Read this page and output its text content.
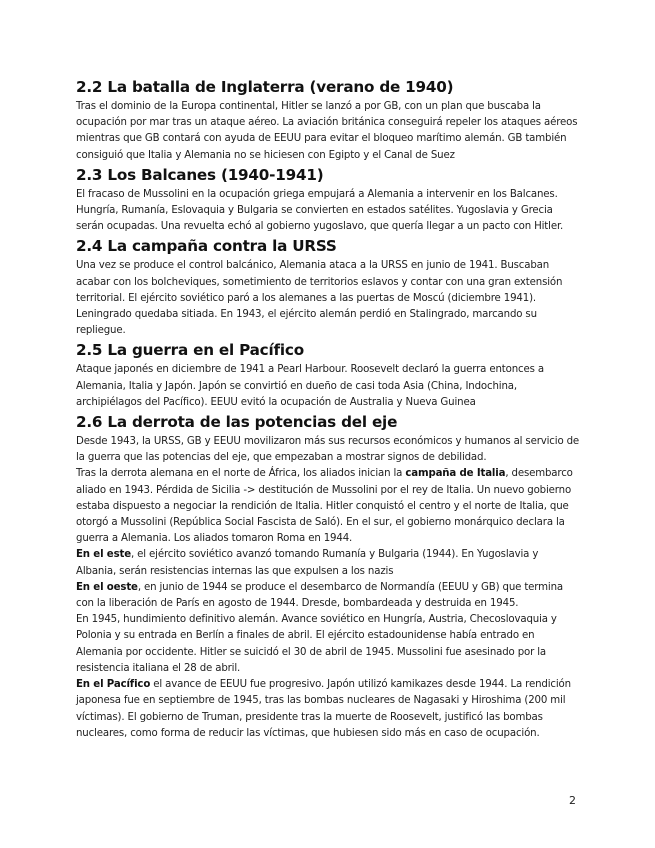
2.2 La batalla de Inglaterra (verano de 1940)

Tras el dominio de la Europa continental, Hitler se lanzó a por GB, con un plan que buscaba la ocupación por mar tras un ataque aéreo. La aviación británica conseguirá repeler los ataques aéreos mientras que GB contará con ayuda de EEUU para evitar el bloqueo marítimo alemán. GB también consiguió que Italia y Alemania no se hiciesen con Egipto y el Canal de Suez

2.3 Los Balcanes (1940-1941)

El fracaso de Mussolini en la ocupación griega empujará a Alemania a intervenir en los Balcanes. Hungría, Rumanía, Eslovaquia y Bulgaria se convierten en estados satélites. Yugoslavia y Grecia serán ocupadas. Una revuelta echó al gobierno yugoslavo, que quería llegar a un pacto con Hitler.

2.4 La campaña contra la URSS

Una vez se produce el control balcánico, Alemania ataca a la URSS en junio de 1941. Buscaban acabar con los bolcheviques, sometimiento de territorios eslavos y contar con una gran extensión territorial. El ejército soviético paró a los alemanes a las puertas de Moscú (diciembre 1941). Leningrado quedaba sitiada. En 1943, el ejército alemán perdió en Stalingrado, marcando su repliegue.

2.5 La guerra en el Pacífico

Ataque japonés en diciembre de 1941 a Pearl Harbour. Roosevelt declaró la guerra entonces a Alemania, Italia y Japón. Japón se convirtió en dueño de casi toda Asia (China, Indochina, archipiélagos del Pacífico). EEUU evitó la ocupación de Australia y Nueva Guinea

2.6 La derrota de las potencias del eje

Desde 1943, la URSS, GB y EEUU movilizaron más sus recursos económicos y humanos al servicio de la guerra que las potencias del eje, que empezaban a mostrar signos de debilidad.

Tras la derrota alemana en el norte de África, los aliados inician la campaña de Italia, desembarco aliado en 1943. Pérdida de Sicilia -> destitución de Mussolini por el rey de Italia. Un nuevo gobierno estaba dispuesto a negociar la rendición de Italia. Hitler conquistó el centro y el norte de Italia, que otorgó a Mussolini (República Social Fascista de Saló). En el sur, el gobierno monárquico declara la guerra a Alemania. Los aliados tomaron Roma en 1944.

En el este, el ejército soviético avanzó tomando Rumanía y Bulgaria (1944). En Yugoslavia y Albania, serán resistencias internas las que expulsen a los nazis

En el oeste, en junio de 1944 se produce el desembarco de Normandía (EEUU y GB) que termina con la liberación de París en agosto de 1944. Dresde, bombardeada y destruida en 1945.

En 1945, hundimiento definitivo alemán. Avance soviético en Hungría, Austria, Checoslovaquia y Polonia y su entrada en Berlín a finales de abril. El ejército estadounidense había entrado en Alemania por occidente. Hitler se suicidó el 30 de abril de 1945. Mussolini fue asesinado por la resistencia italiana el 28 de abril.

En el Pacífico el avance de EEUU fue progresivo. Japón utilizó kamikazes desde 1944. La rendición japonesa fue en septiembre de 1945, tras las bombas nucleares de Nagasaki y Hiroshima (200 mil víctimas). El gobierno de Truman, presidente tras la muerte de Roosevelt, justificó las bombas nucleares, como forma de reducir las víctimas, que hubiesen sido más en caso de ocupación.

2
